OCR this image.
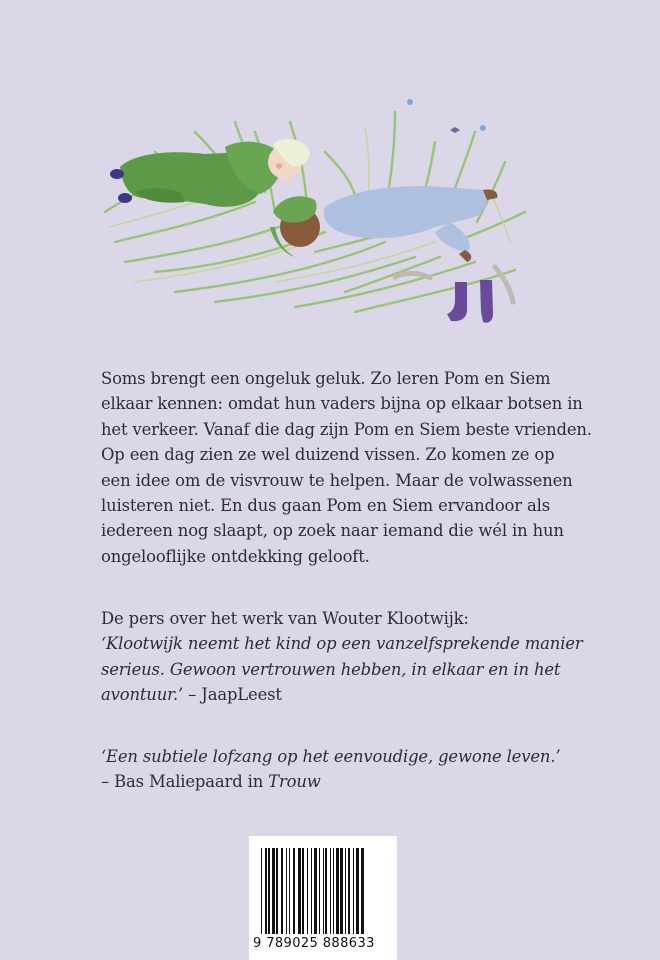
Soms brengt een ongeluk geluk. Zo leren Pom en Siem
elkaar kennen: omdat hun vaders bijna op elkaar botsen in
het verkeer. Vanaf die dag zijn Pom en Siem beste vrienden.
Op een dag zien ze wel duizend vissen. Zo komen ze op
een idee om de visvrouw te helpen. Maar de volwassenen
luisteren niet. En dus gaan Pom en Siem ervandoor als
iedereen nog slaapt, op zoek naar iemand die wél in hun
ongelooflijke ontdekking gelooft.

De pers over het werk van Wouter Klootwijk:
‘Klootwijk neemt het kind op een vanzelfsprekende manier
serieus. Gewoon vertrouwen hebben, in elkaar en in het
avontuur.’ – JaapLeest
‘Een subtiele lofzang op het eenvoudige, gewone leven.’
– Bas Maliepaard in Trouw
9 789025 888633
